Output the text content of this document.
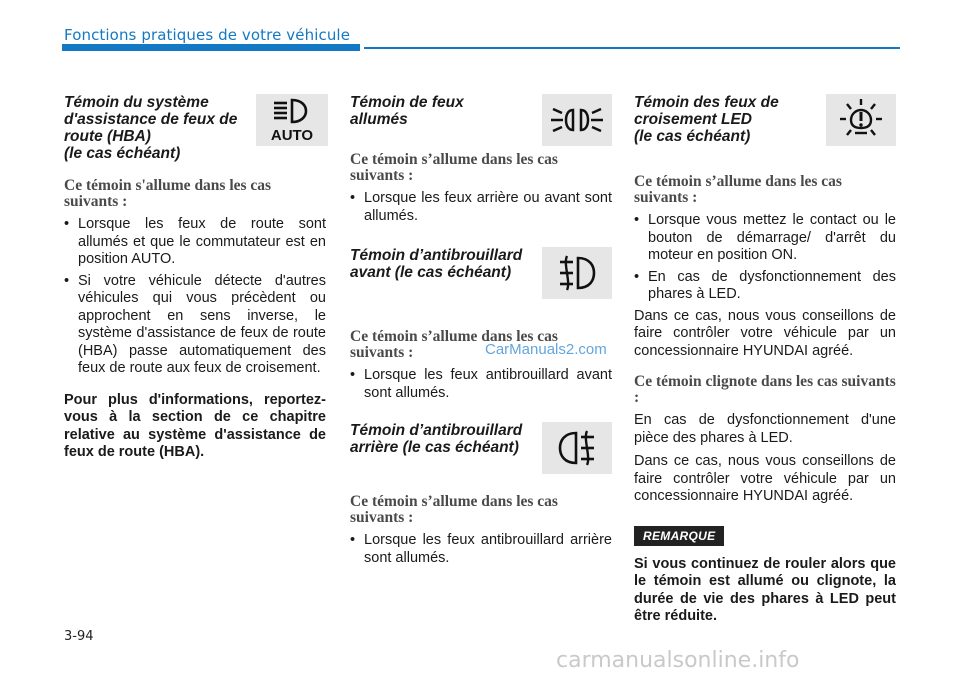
Fonctions pratiques de votre véhicule

Témoin du système
d'assistance de feux de
route (HBA)
(le cas échéant)

AUTO

Ce témoin s'allume dans les cas suivants :

• Lorsque les feux de route sont allumés et que le commutateur est en position AUTO.
• Si votre véhicule détecte d'autres véhicules qui vous précèdent ou approchent en sens inverse, le système d'assistance de feux de route (HBA) passe automatiquement des feux de route aux feux de croisement.

Pour plus d'informations, reportez-vous à la section de ce chapitre relative au système d'assistance de feux de route (HBA).

Témoin de feux
allumés

Ce témoin s’allume dans les cas suivants :

• Lorsque les feux arrière ou avant sont allumés.

Témoin d’antibrouillard
avant (le cas échéant)

Ce témoin s’allume dans les cas suivants :

• Lorsque les feux antibrouillard avant sont allumés.

Témoin d’antibrouillard
arrière (le cas échéant)

Ce témoin s’allume dans les cas suivants :

• Lorsque les feux antibrouillard arrière sont allumés.

Témoin des feux de
croisement LED
(le cas échéant)

Ce témoin s’allume dans les cas suivants :

• Lorsque vous mettez le contact ou le bouton de démarrage/ d'arrêt du moteur en position ON.
• En cas de dysfonctionnement des phares à LED.

Dans ce cas, nous vous conseillons de faire contrôler votre véhicule par un concessionnaire HYUNDAI agréé.

Ce témoin clignote dans les cas suivants :

En cas de dysfonctionnement d'une pièce des phares à LED.

Dans ce cas, nous vous conseillons de faire contrôler votre véhicule par un concessionnaire HYUNDAI agréé.

REMARQUE

Si vous continuez de rouler alors que le témoin est allumé ou clignote, la durée de vie des phares à LED peut être réduite.

CarManuals2.com
3-94
carmanualsonline.info
